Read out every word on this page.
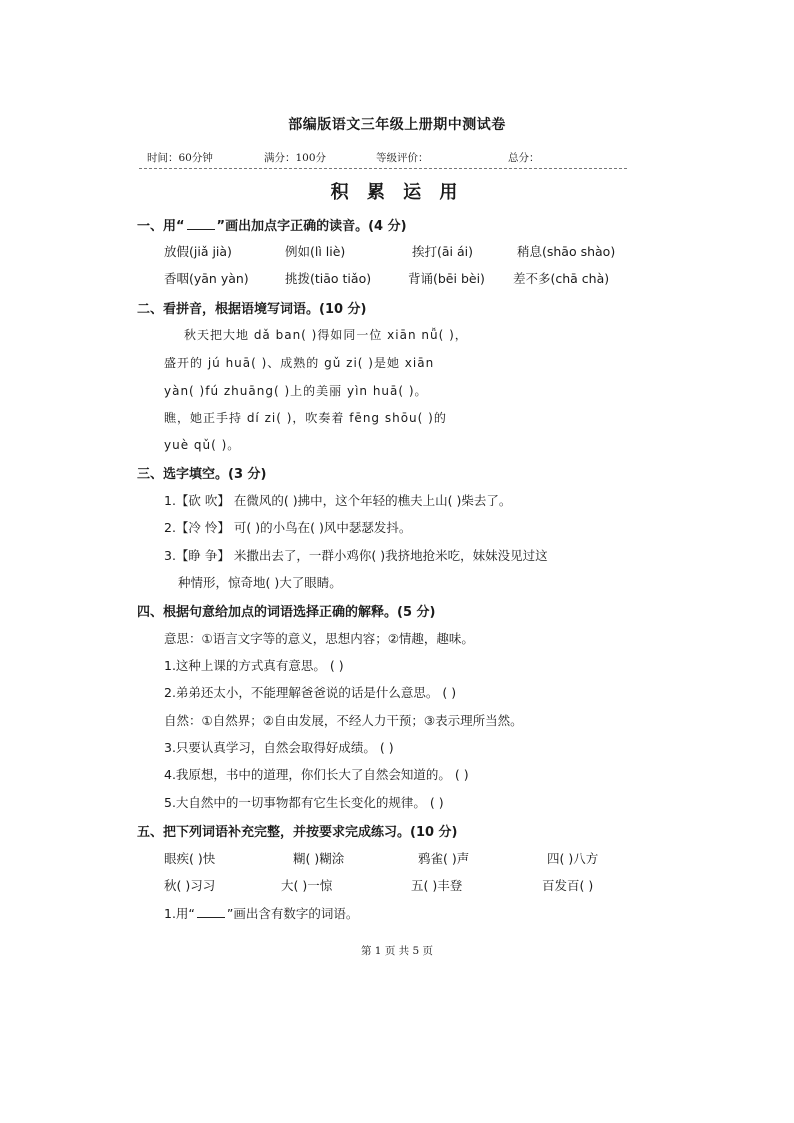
部编版语文三年级上册期中测试卷
时间：60分钟	满分：100分	等级评价：	总分：
积 累 运 用
一、用“ ”画出加点字正确的读音。(4 分)
放假(jiǎ jià)	例如(lì liè)	挨打(āi ái)	稍息(shāo shào)
香咽(yān yàn)	挑拨(tiāo tiǎo)	背诵(bēi bèi) 差不多(chā chà)
二、看拼音，根据语境写词语。(10 分)
秋天把大地 dǎ ban( )得如同一位 xiān nǚ( )，
盛开的 jú huā( )、成熟的 gǔ zi( )是她 xiān
yàn( )fú zhuāng( )上的美丽 yìn huā( )。
瞧，她正手持 dí zi( )，吹奏着 fēng shōu( )的
yuè qǔ( )。
三、选字填空。(3 分)
1.【砍 吹】 在微风的( )拂中，这个年轻的樵夫上山( )柴去了。
2.【冷 怜】 可( )的小鸟在( )风中瑟瑟发抖。
3.【睁 争】 米撒出去了，一群小鸡你( )我挤地抢米吃，妹妹没见过这
种情形，惊奇地( )大了眼睛。
四、根据句意给加点的词语选择正确的解释。(5 分)
意思：①语言文字等的意义，思想内容；②情趣，趣味。
1.这种上课的方式真有意思。 ( )
2.弟弟还太小，不能理解爸爸说的话是什么意思。 ( )
自然：①自然界；②自由发展，不经人力干预；③表示理所当然。
3.只要认真学习，自然会取得好成绩。 ( )
4.我原想，书中的道理，你们长大了自然会知道的。 ( )
5.大自然中的一切事物都有它生长变化的规律。 ( )
五、把下列词语补充完整，并按要求完成练习。(10 分)
眼疾( )快	糊( )糊涂	鸦雀( )声	四( )八方
秋( )习习	大( )一惊	五( )丰登	百发百( )
1.用“	”画出含有数字的词语。
第 1 页 共 5 页
